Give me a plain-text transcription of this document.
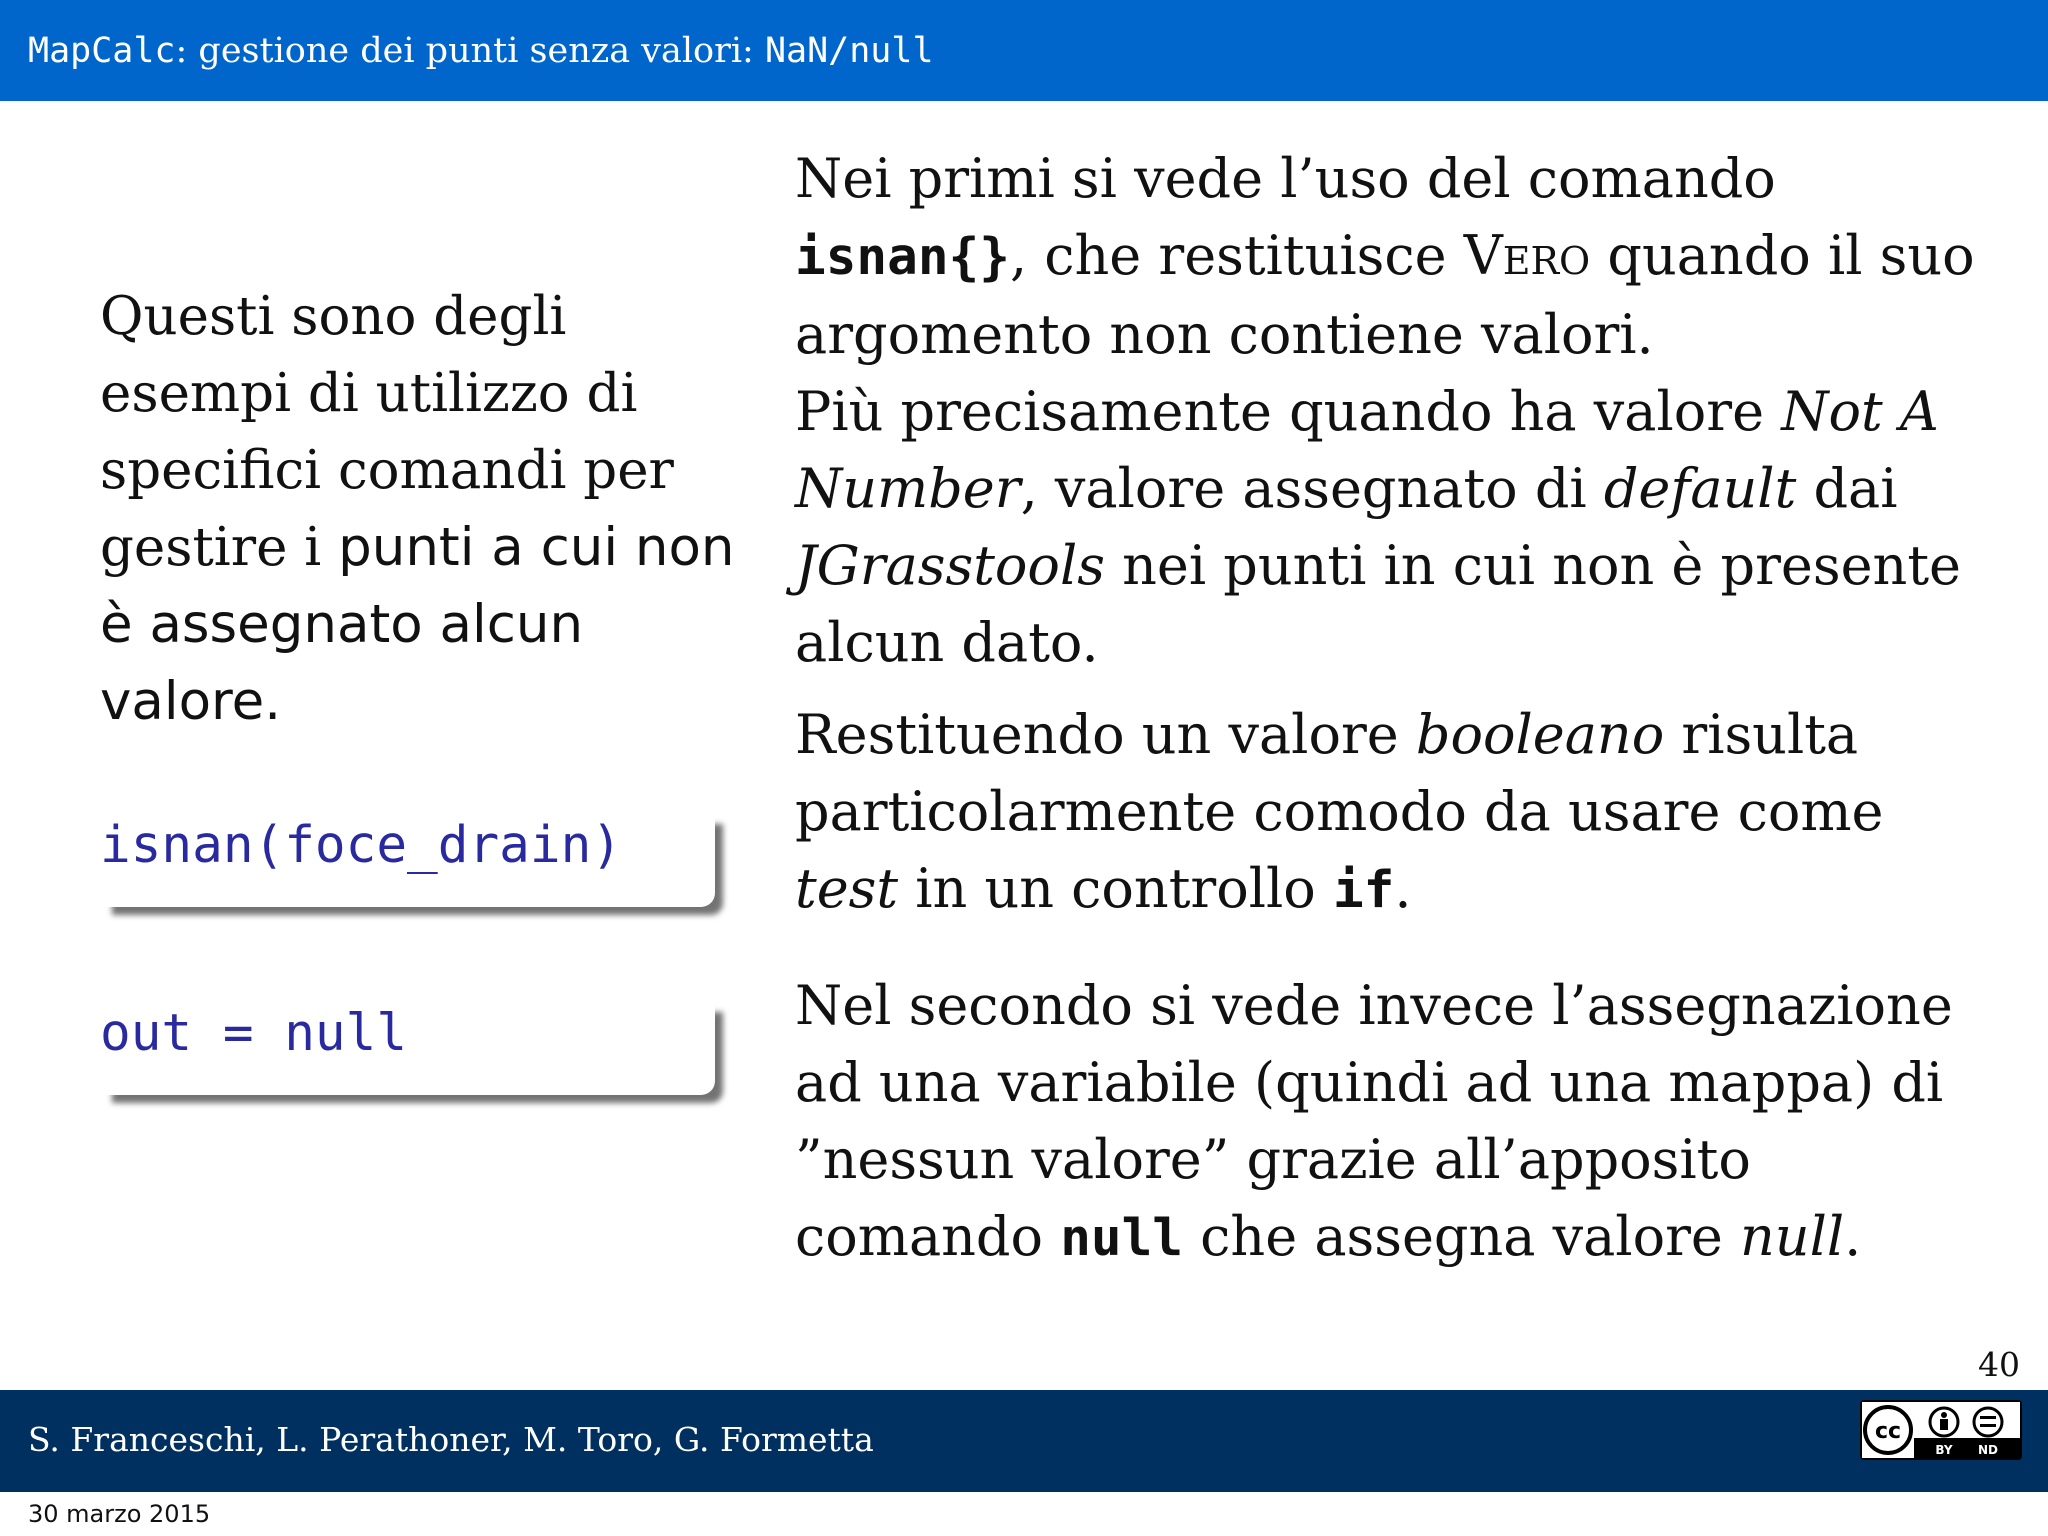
MapCalc: gestione dei punti senza valori: NaN/null

Questi sono degli esempi di utilizzo di specifici comandi per gestire i punti a cui non è assegnato alcun valore.

isnan(foce_drain)
out = null

Nei primi si vede l’uso del comando isnan{}, che restituisce Vero quando il suo argomento non contiene valori.

Più precisamente quando ha valore Not A Number, valore assegnato di default dai JGrasstools nei punti in cui non è presente alcun dato.

Restituendo un valore booleano risulta particolarmente comodo da usare come test in un controllo if.

Nel secondo si vede invece l’assegnazione ad una variabile (quindi ad una mappa) di ”nessun valore” grazie all’apposito comando null che assegna valore null.

40
S. Franceschi, L. Perathoner, M. Toro, G. Formetta	cc
BY ND
30 marzo 2015
